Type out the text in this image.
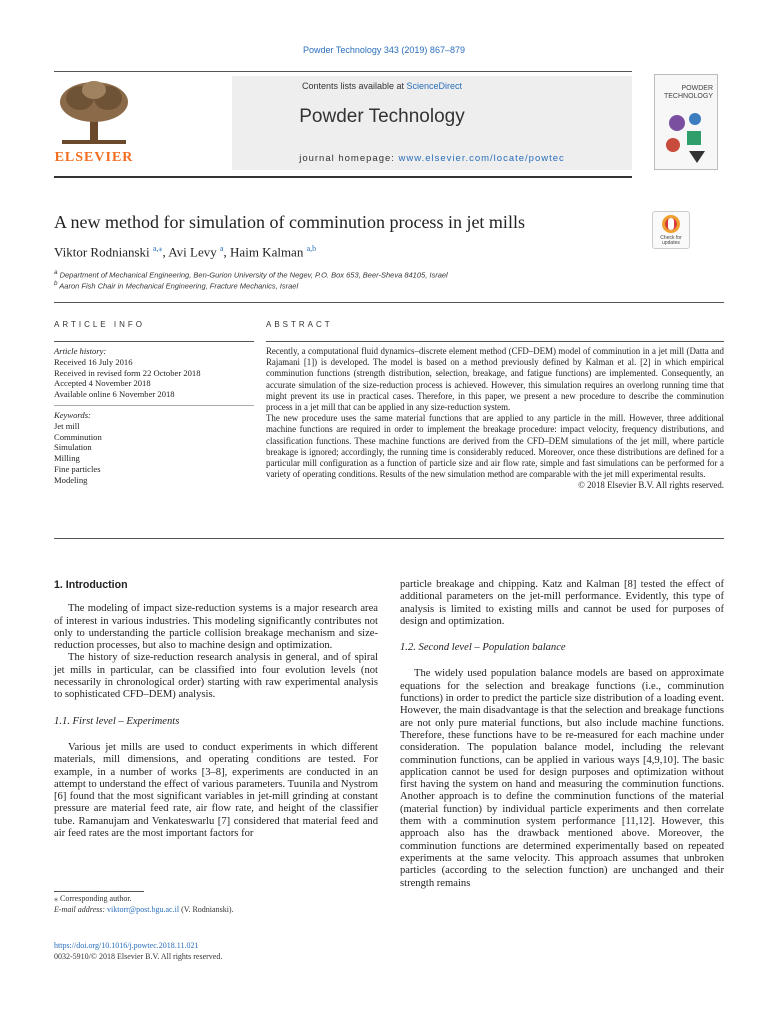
Powder Technology 343 (2019) 867–879
ELSEVIER
Contents lists available at ScienceDirect
Powder Technology
journal homepage: www.elsevier.com/locate/powtec
POWDER
TECHNOLOGY
A new method for simulation of comminution process in jet mills
Check for
updates
Viktor Rodnianski $^{a,⁎}$, Avi Levy $^a$, Haim Kalman $^{a,b}$
$^a$ Department of Mechanical Engineering, Ben-Gurion University of the Negev, P.O. Box 653, Beer-Sheva 84105, Israel
$^b$ Aaron Fish Chair in Mechanical Engineering, Fracture Mechanics, Israel
ARTICLE INFO	ABSTRACT
Article history:
Received 16 July 2016
Received in revised form 22 October 2018
Accepted 4 November 2018
Available online 6 November 2018
Keywords:
Jet mill
Comminution
Simulation
Milling
Fine particles
Modeling

Recently, a computational fluid dynamics–discrete element method (CFD–DEM) model of comminution in a jet mill (Datta and Rajamani [1]) is developed. The model is based on a method previously defined by Kalman et al. [2] in which empirical comminution functions (strength distribution, selection, breakage, and fatigue functions) are implemented. Consequently, an accurate simulation of the size-reduction process is achieved. However, this simulation requires an overlong running time that might prevent its use in practical cases. Therefore, in this paper, we present a new procedure to describe the comminution process in a jet mill that can be applied in any size-reduction system.

The new procedure uses the same material functions that are applied to any particle in the mill. However, three additional machine functions are required in order to implement the breakage procedure: impact velocity, frequency distributions, and classification functions. These machine functions are derived from the CFD–DEM simulations of the jet mill, where particle breakage is ignored; accordingly, the running time is considerably reduced. Moreover, once these distributions are defined for a particular mill configuration as a function of particle size and air flow rate, simple and fast simulations can be performed for a variety of operating conditions. Results of the new simulation method are comparable with the jet mill experimental results.

© 2018 Elsevier B.V. All rights reserved.

1. Introduction

The modeling of impact size-reduction systems is a major research area of interest in various industries. This modeling significantly contributes not only to understanding the particle collision breakage mechanism and size-reduction processes, but also to machine design and optimization.

The history of size-reduction research analysis in general, and of spiral jet mills in particular, can be classified into four evolution levels (not necessarily in chronological order) starting with raw experimental analysis to sophisticated CFD–DEM) analysis.

1.1. First level – Experiments

Various jet mills are used to conduct experiments in which different materials, mill dimensions, and operating conditions are tested. For example, in a number of works [3–8], experiments are conducted in an attempt to understand the effect of various parameters. Tuunila and Nystrom [6] found that the most significant variables in jet-mill grinding at constant pressure are material feed rate, air flow rate, and height of the classifier tube. Ramanujam and Venkateswarlu [7] considered that material feed and air feed rates are the most important factors for

particle breakage and chipping. Katz and Kalman [8] tested the effect of additional parameters on the jet-mill performance. Evidently, this type of analysis is limited to existing mills and cannot be used for purposes of design and optimization.

1.2. Second level – Population balance

The widely used population balance models are based on approximate equations for the selection and breakage functions (i.e., comminution functions) in order to predict the particle size distribution of a loading event. However, the main disadvantage is that the selection and breakage functions are not only pure material functions, but also include machine functions. Therefore, these functions have to be re-measured for each machine under consideration. The population balance model, including the relevant comminution functions, can be applied in various ways [4,9,10]. The basic application cannot be used for design purposes and optimization without first having the system on hand and measuring the comminution functions. Another approach is to define the comminution functions of the material (material function) by individual particle experiments and then correlate them with a comminution system performance [11,12]. However, this approach also has the drawback mentioned above. Moreover, the comminution functions are determined experimentally based on repeated experiments at the same velocity. This approach assumes that unbroken particles (according to the selection function) are unchanged and their strength remains

⁎ Corresponding author.
E-mail address: viktorr@post.bgu.ac.il (V. Rodnianski).
https://doi.org/10.1016/j.powtec.2018.11.021
0032-5910/© 2018 Elsevier B.V. All rights reserved.
